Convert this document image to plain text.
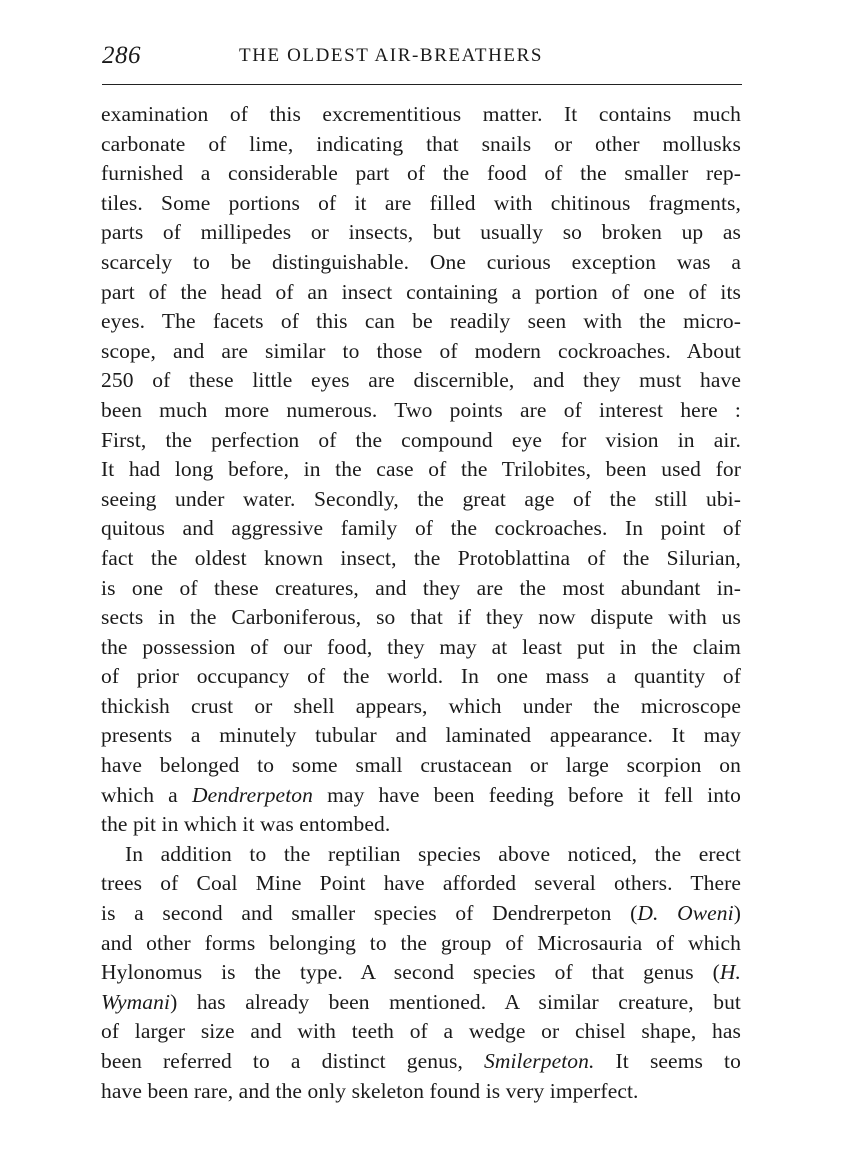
286	THE OLDEST AIR-BREATHERS
examination of this excrementitious matter. It contains much
carbonate of lime, indicating that snails or other mollusks
furnished a considerable part of the food of the smaller rep-
tiles. Some portions of it are filled with chitinous fragments,
parts of millipedes or insects, but usually so broken up as
scarcely to be distinguishable. One curious exception was a
part of the head of an insect containing a portion of one of its
eyes. The facets of this can be readily seen with the micro-
scope, and are similar to those of modern cockroaches. About
250 of these little eyes are discernible, and they must have
been much more numerous. Two points are of interest here :
First, the perfection of the compound eye for vision in air.
It had long before, in the case of the Trilobites, been used for
seeing under water. Secondly, the great age of the still ubi-
quitous and aggressive family of the cockroaches. In point of
fact the oldest known insect, the Protoblattina of the Silurian,
is one of these creatures, and they are the most abundant in-
sects in the Carboniferous, so that if they now dispute with us
the possession of our food, they may at least put in the claim
of prior occupancy of the world. In one mass a quantity of
thickish crust or shell appears, which under the microscope
presents a minutely tubular and laminated appearance. It may
have belonged to some small crustacean or large scorpion on
which a Dendrerpeton may have been feeding before it fell into
the pit in which it was entombed.
In addition to the reptilian species above noticed, the erect
trees of Coal Mine Point have afforded several others. There
is a second and smaller species of Dendrerpeton (D. Oweni)
and other forms belonging to the group of Microsauria of which
Hylonomus is the type. A second species of that genus (H.
Wymani) has already been mentioned. A similar creature, but
of larger size and with teeth of a wedge or chisel shape, has
been referred to a distinct genus, Smilerpeton. It seems to
have been rare, and the only skeleton found is very imperfect.
